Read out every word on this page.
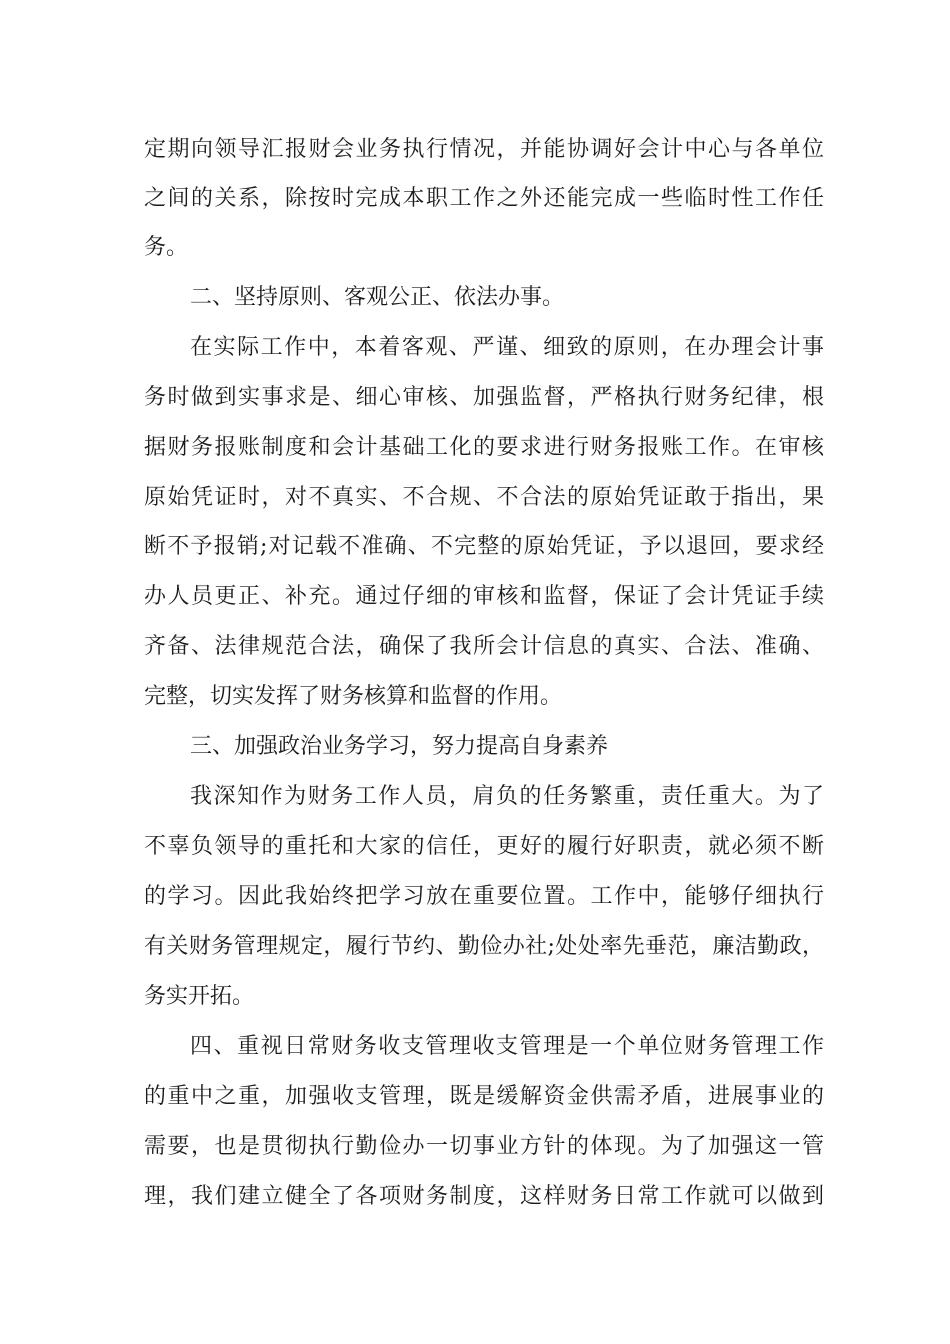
定期向领导汇报财会业务执行情况，并能协调好会计中心与各单位
之间的关系，除按时完成本职工作之外还能完成一些临时性工作任
务。
二、坚持原则、客观公正、依法办事。
在实际工作中，本着客观、严谨、细致的原则，在办理会计事
务时做到实事求是、细心审核、加强监督，严格执行财务纪律，根
据财务报账制度和会计基础工化的要求进行财务报账工作。在审核
原始凭证时，对不真实、不合规、不合法的原始凭证敢于指出，果
断不予报销;对记载不准确、不完整的原始凭证，予以退回，要求经
办人员更正、补充。通过仔细的审核和监督，保证了会计凭证手续
齐备、法律规范合法，确保了我所会计信息的真实、合法、准确、
完整，切实发挥了财务核算和监督的作用。
三、加强政治业务学习，努力提高自身素养
我深知作为财务工作人员，肩负的任务繁重，责任重大。为了
不辜负领导的重托和大家的信任，更好的履行好职责，就必须不断
的学习。因此我始终把学习放在重要位置。工作中，能够仔细执行
有关财务管理规定，履行节约、勤俭办社;处处率先垂范，廉洁勤政，
务实开拓。
四、重视日常财务收支管理收支管理是一个单位财务管理工作
的重中之重，加强收支管理，既是缓解资金供需矛盾，进展事业的
需要，也是贯彻执行勤俭办一切事业方针的体现。为了加强这一管
理，我们建立健全了各项财务制度，这样财务日常工作就可以做到
